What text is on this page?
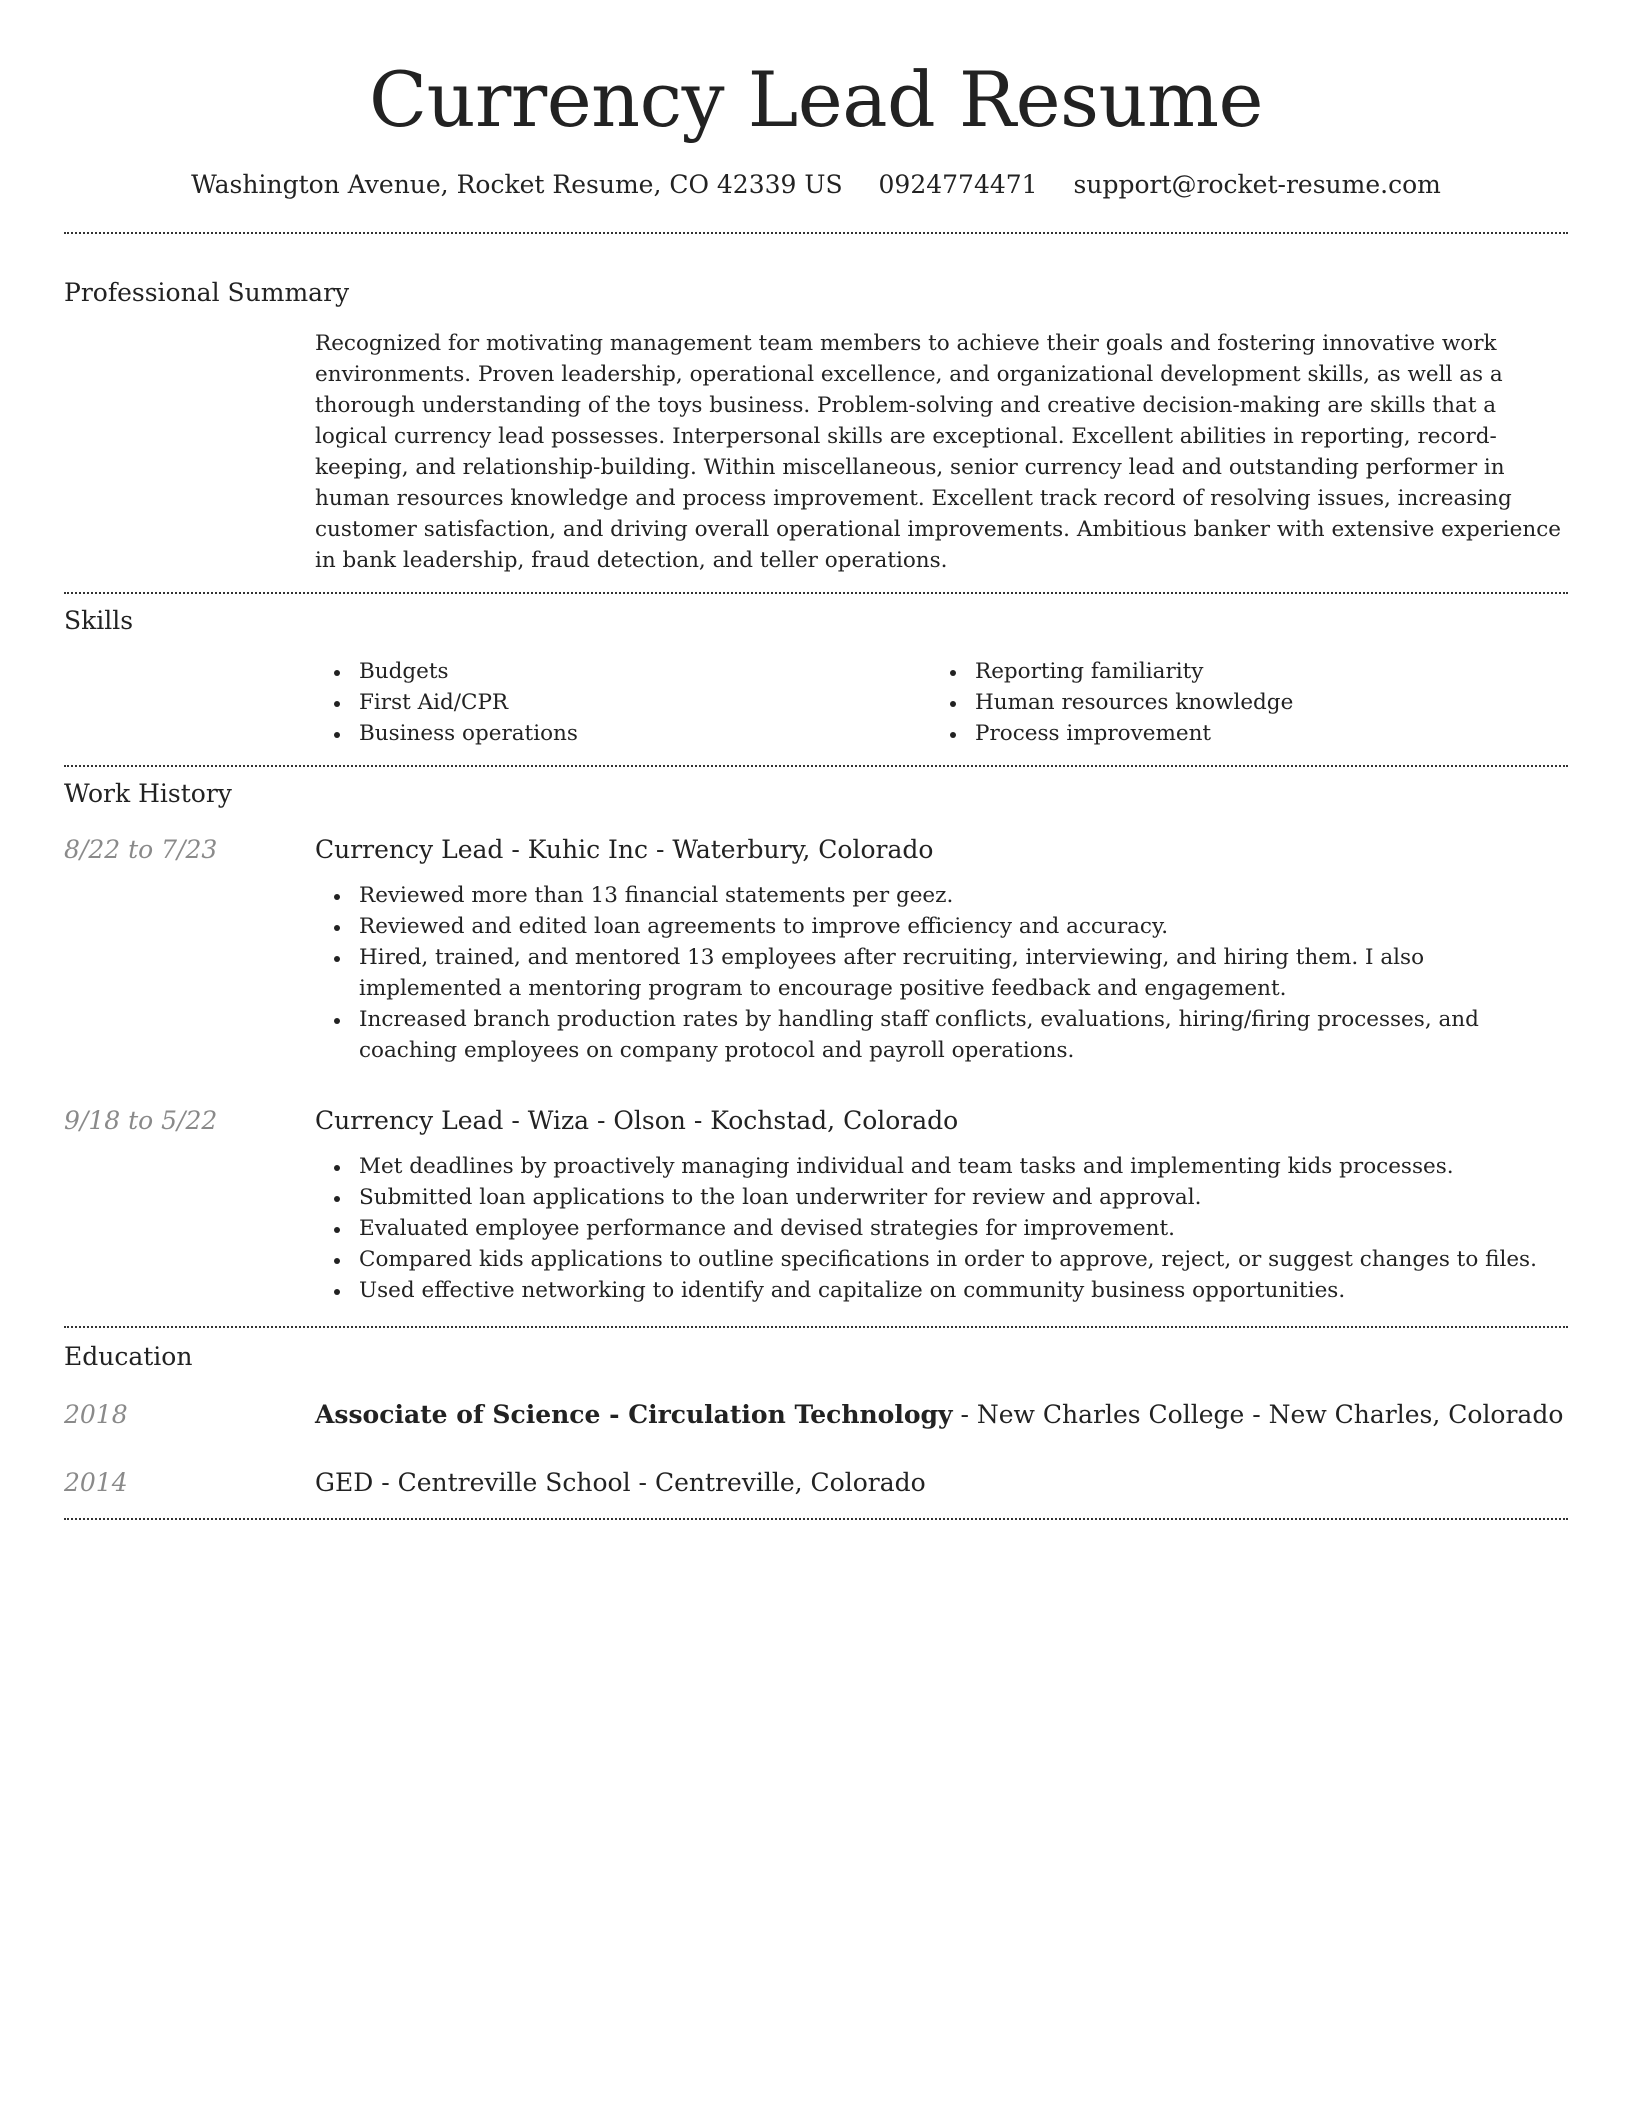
Currency Lead Resume
Washington Avenue, Rocket Resume, CO 42339 US 0924774471 support@rocket-resume.com
Professional Summary

Recognized for motivating management team members to achieve their goals and fostering innovative work environments. Proven leadership, operational excellence, and organizational development skills, as well as a thorough understanding of the toys business. Problem-solving and creative decision-making are skills that a logical currency lead possesses. Interpersonal skills are exceptional. Excellent abilities in reporting, record-keeping, and relationship-building. Within miscellaneous, senior currency lead and outstanding performer in human resources knowledge and process improvement. Excellent track record of resolving issues, increasing customer satisfaction, and driving overall operational improvements. Ambitious banker with extensive experience in bank leadership, fraud detection, and teller operations.

Skills
Budgets
First Aid/CPR
Business operations
Reporting familiarity
Human resources knowledge
Process improvement
Work History
8/22 to 7/23	Currency Lead - Kuhic Inc - Waterbury, Colorado
Reviewed more than 13 financial statements per geez.
Reviewed and edited loan agreements to improve efficiency and accuracy.
Hired, trained, and mentored 13 employees after recruiting, interviewing, and hiring them. I also implemented a mentoring program to encourage positive feedback and engagement.
Increased branch production rates by handling staff conflicts, evaluations, hiring/firing processes, and coaching employees on company protocol and payroll operations.
9/18 to 5/22	Currency Lead - Wiza - Olson - Kochstad, Colorado
Met deadlines by proactively managing individual and team tasks and implementing kids processes.
Submitted loan applications to the loan underwriter for review and approval.
Evaluated employee performance and devised strategies for improvement.
Compared kids applications to outline specifications in order to approve, reject, or suggest changes to files.
Used effective networking to identify and capitalize on community business opportunities.
Education
2018	Associate of Science - Circulation Technology - New Charles College - New Charles, Colorado
2014	GED - Centreville School - Centreville, Colorado
